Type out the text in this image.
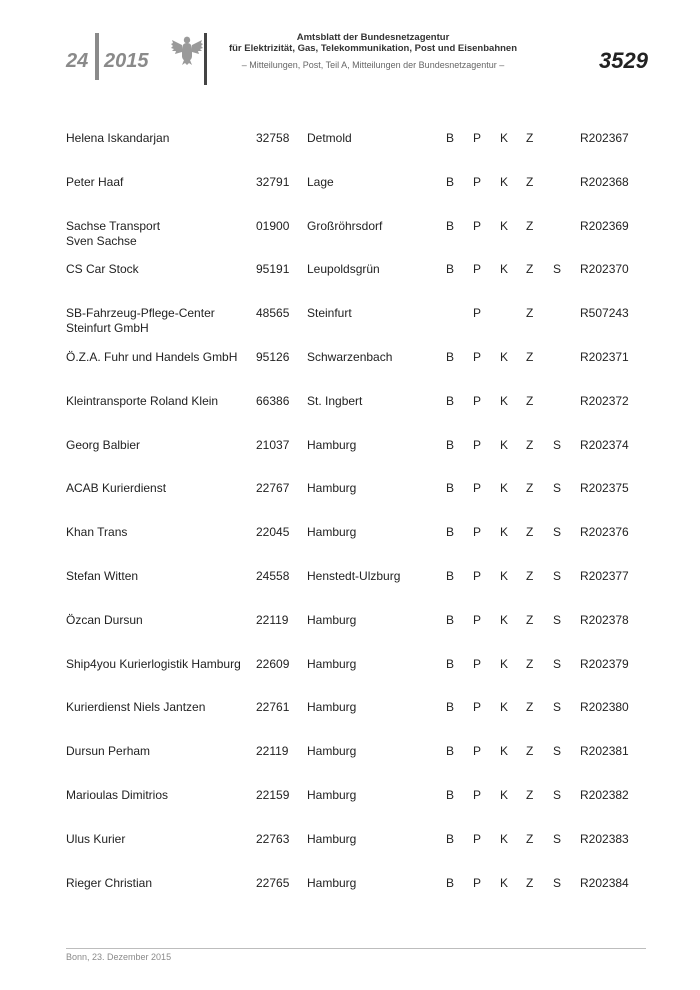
24 2015
Amtsblatt der Bundesnetzagentur
für Elektrizität, Gas, Telekommunikation, Post und Eisenbahnen
– Mitteilungen, Post, Teil A, Mitteilungen der Bundesnetzagentur –	3529
Helena Iskandarjan	32758 Detmold	B P K Z	R202367
Peter Haaf	32791 Lage	B P K Z	R202368
Sachse Transport
Sven Sachse
01900 Großröhrsdorf	B P K Z	R202369
CS Car Stock	95191 Leupoldsgrün	B P K Z S R202370
SB-Fahrzeug-Pflege-Center
Steinfurt GmbH
48565 Steinfurt	P	Z	R507243
Ö.Z.A. Fuhr und Handels GmbH 95126 Schwarzenbach	B P K Z	R202371
Kleintransporte Roland Klein	66386 St. Ingbert	B P K Z	R202372
Georg Balbier	21037 Hamburg	B P K Z S R202374
ACAB Kurierdienst	22767 Hamburg	B P K Z S R202375
Khan Trans	22045 Hamburg	B P K Z S R202376
Stefan Witten	24558 Henstedt-Ulzburg	B P K Z S R202377
Özcan Dursun	22119 Hamburg	B P K Z S R202378
Ship4you Kurierlogistik Hamburg 22609 Hamburg	B P K Z S R202379
Kurierdienst Niels Jantzen	22761 Hamburg	B P K Z S R202380
Dursun Perham	22119 Hamburg	B P K Z S R202381
Marioulas Dimitrios	22159 Hamburg	B P K Z S R202382
Ulus Kurier	22763 Hamburg	B P K Z S R202383
Rieger Christian	22765 Hamburg	B P K Z S R202384
Bonn, 23. Dezember 2015
